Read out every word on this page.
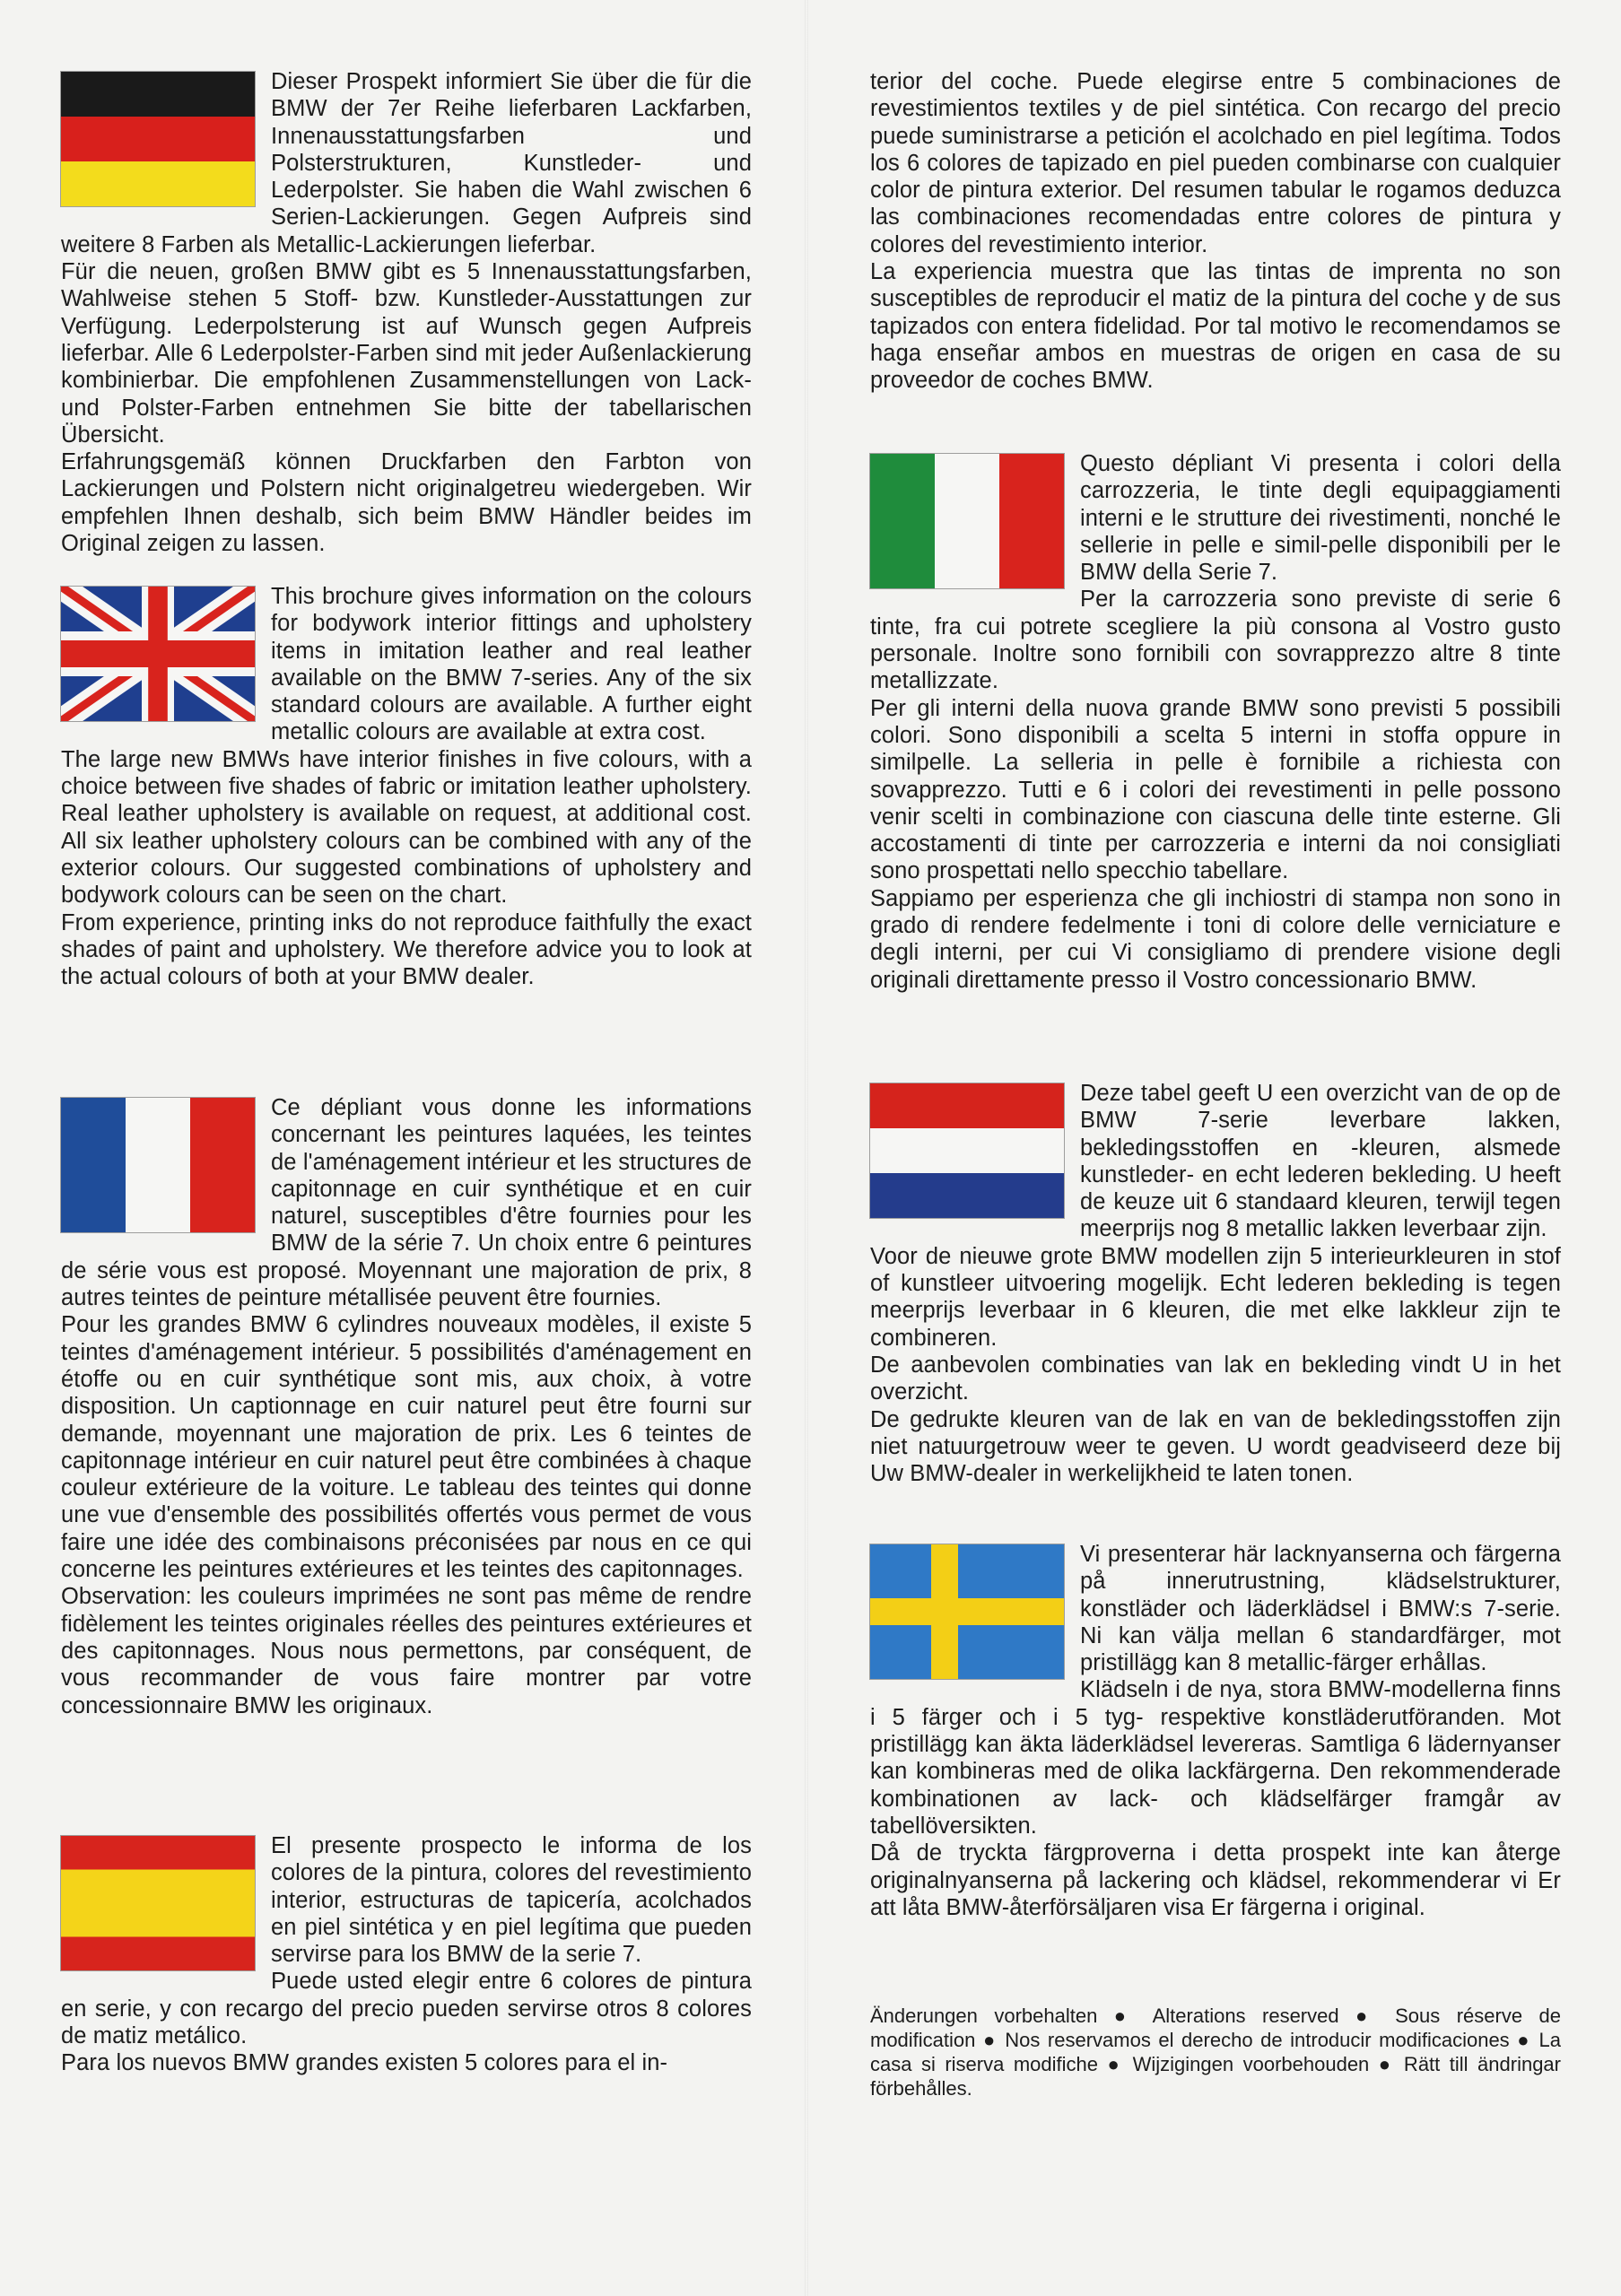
Dieser Prospekt informiert Sie über die für die BMW der 7er Reihe lieferbaren Lackfarben, Innenausstattungsfarben und Polsterstrukturen, Kunstleder- und Lederpolster. Sie haben die Wahl zwischen 6 Serien-Lackierungen. Gegen Aufpreis sind weitere 8 Farben als Metallic-Lackierungen lieferbar.

Für die neuen, großen BMW gibt es 5 Innenausstattungsfarben, Wahlweise stehen 5 Stoff- bzw. Kunstleder-Ausstattungen zur Verfügung. Lederpolsterung ist auf Wunsch gegen Aufpreis lieferbar. Alle 6 Lederpolster-Farben sind mit jeder Außenlackierung kombinierbar. Die empfohlenen Zusammenstellungen von Lack- und Polster-Farben entnehmen Sie bitte der tabellarischen Übersicht.

Erfahrungsgemäß können Druckfarben den Farbton von Lackierungen und Polstern nicht originalgetreu wiedergeben. Wir empfehlen Ihnen deshalb, sich beim BMW Händler beides im Original zeigen zu lassen.

This brochure gives information on the colours for bodywork interior fittings and upholstery items in imitation leather and real leather available on the BMW 7-series. Any of the six standard colours are available. A further eight metallic colours are available at extra cost.

The large new BMWs have interior finishes in five colours, with a choice between five shades of fabric or imitation leather upholstery. Real leather upholstery is available on request, at additional cost. All six leather upholstery colours can be combined with any of the exterior colours. Our suggested combinations of upholstery and bodywork colours can be seen on the chart.

From experience, printing inks do not reproduce faithfully the exact shades of paint and upholstery. We therefore advice you to look at the actual colours of both at your BMW dealer.

Ce dépliant vous donne les informations concernant les peintures laquées, les teintes de l'aménagement intérieur et les structures de capitonnage en cuir synthétique et en cuir naturel, susceptibles d'être fournies pour les BMW de la série 7. Un choix entre 6 peintures de série vous est proposé. Moyennant une majoration de prix, 8 autres teintes de peinture métallisée peuvent être fournies.

Pour les grandes BMW 6 cylindres nouveaux modèles, il existe 5 teintes d'aménagement intérieur. 5 possibilités d'aménagement en étoffe ou en cuir synthétique sont mis, aux choix, à votre disposition. Un captionnage en cuir naturel peut être fourni sur demande, moyennant une majoration de prix. Les 6 teintes de capitonnage intérieur en cuir naturel peut être combinées à chaque couleur extérieure de la voiture. Le tableau des teintes qui donne une vue d'ensemble des possibilités offertés vous permet de vous faire une idée des combinaisons préconisées par nous en ce qui concerne les peintures extérieures et les teintes des capitonnages.

Observation: les couleurs imprimées ne sont pas même de rendre fidèlement les teintes originales réelles des peintures extérieures et des capitonnages. Nous nous permettons, par conséquent, de vous recommander de vous faire montrer par votre concessionnaire BMW les originaux.

El presente prospecto le informa de los colores de la pintura, colores del revestimiento interior, estructuras de tapicería, acolchados en piel sintética y en piel legítima que pueden servirse para los BMW de la serie 7.

Puede usted elegir entre 6 colores de pintura en serie, y con recargo del precio pueden servirse otros 8 colores de matiz metálico.

Para los nuevos BMW grandes existen 5 colores para el in-

terior del coche. Puede elegirse entre 5 combinaciones de revestimientos textiles y de piel sintética. Con recargo del precio puede suministrarse a petición el acolchado en piel legítima. Todos los 6 colores de tapizado en piel pueden combinarse con cualquier color de pintura exterior. Del resumen tabular le rogamos deduzca las combinaciones recomendadas entre colores de pintura y colores del revestimiento interior.

La experiencia muestra que las tintas de imprenta no son susceptibles de reproducir el matiz de la pintura del coche y de sus tapizados con entera fidelidad. Por tal motivo le recomendamos se haga enseñar ambos en muestras de origen en casa de su proveedor de coches BMW.

Questo dépliant Vi presenta i colori della carrozzeria, le tinte degli equipaggiamenti interni e le strutture dei rivestimenti, nonché le sellerie in pelle e simil-pelle disponibili per le BMW della Serie 7.

Per la carrozzeria sono previste di serie 6 tinte, fra cui potrete scegliere la più consona al Vostro gusto personale. Inoltre sono fornibili con sovrapprezzo altre 8 tinte metallizzate.

Per gli interni della nuova grande BMW sono previsti 5 possibili colori. Sono disponibili a scelta 5 interni in stoffa oppure in similpelle. La selleria in pelle è fornibile a richiesta con sovapprezzo. Tutti e 6 i colori dei revestimenti in pelle possono venir scelti in combinazione con ciascuna delle tinte esterne. Gli accostamenti di tinte per carrozzeria e interni da noi consigliati sono prospettati nello specchio tabellare.

Sappiamo per esperienza che gli inchiostri di stampa non sono in grado di rendere fedelmente i toni di colore delle verniciature e degli interni, per cui Vi consigliamo di prendere visione degli originali direttamente presso il Vostro concessionario BMW.

Deze tabel geeft U een overzicht van de op de BMW 7-serie leverbare lakken, bekledingsstoffen en -kleuren, alsmede kunstleder- en echt lederen bekleding. U heeft de keuze uit 6 standaard kleuren, terwijl tegen meerprijs nog 8 metallic lakken leverbaar zijn.

Voor de nieuwe grote BMW modellen zijn 5 interieurkleuren in stof of kunstleer uitvoering mogelijk. Echt lederen bekleding is tegen meerprijs leverbaar in 6 kleuren, die met elke lakkleur zijn te combineren.

De aanbevolen combinaties van lak en bekleding vindt U in het overzicht.

De gedrukte kleuren van de lak en van de bekledingsstoffen zijn niet natuurgetrouw weer te geven. U wordt geadviseerd deze bij Uw BMW-dealer in werkelijkheid te laten tonen.

Vi presenterar här lacknyanserna och färgerna på innerutrustning, klädselstrukturer, konstläder och läderklädsel i BMW:s 7-serie. Ni kan välja mellan 6 standardfärger, mot pristillägg kan 8 metallic-färger erhållas.

Klädseln i de nya, stora BMW-modellerna finns i 5 färger och i 5 tyg- respektive konstläderutföranden. Mot pristillägg kan äkta läderklädsel levereras. Samtliga 6 lädernyanser kan kombineras med de olika lackfärgerna. Den rekommenderade kombinationen av lack- och klädselfärger framgår av tabellöversikten.

Då de tryckta färgproverna i detta prospekt inte kan återge originalnyanserna på lackering och klädsel, rekommenderar vi Er att låta BMW-återförsäljaren visa Er färgerna i original.

Änderungen vorbehalten ● Alterations reserved ● Sous réserve de modification ● Nos reservamos el derecho de introducir modificaciones ● La casa si riserva modifiche ● Wijzigingen voorbehouden ● Rätt till ändringar förbehålles.
